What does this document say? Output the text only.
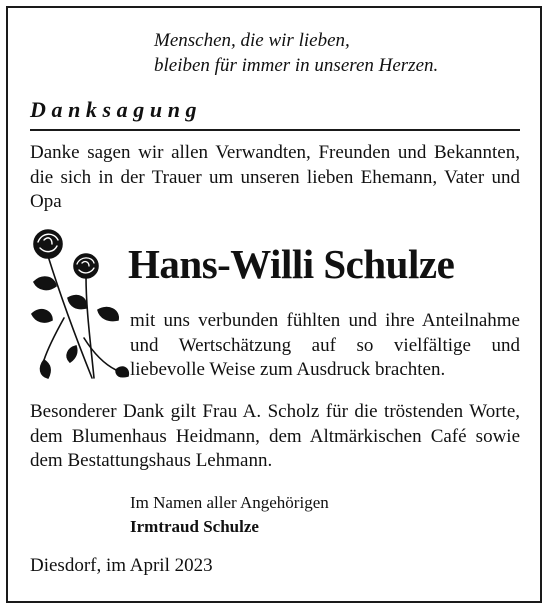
Menschen, die wir lieben,
bleiben für immer in unseren Herzen.
Danksagung

Danke sagen wir allen Verwandten, Freunden und Bekannten, die sich in der Trauer um unseren lieben Ehemann, Vater und Opa

Hans-Willi Schulze

mit uns verbunden fühlten und ihre Anteilnahme und Wertschätzung auf so vielfältige und liebevolle Weise zum Ausdruck brachten.

Besonderer Dank gilt Frau A. Scholz für die tröstenden Worte, dem Blumenhaus Heidmann, dem Altmärkischen Café sowie dem Bestattungshaus Lehmann.

Im Namen aller Angehörigen
Irmtraud Schulze
Diesdorf, im April 2023
